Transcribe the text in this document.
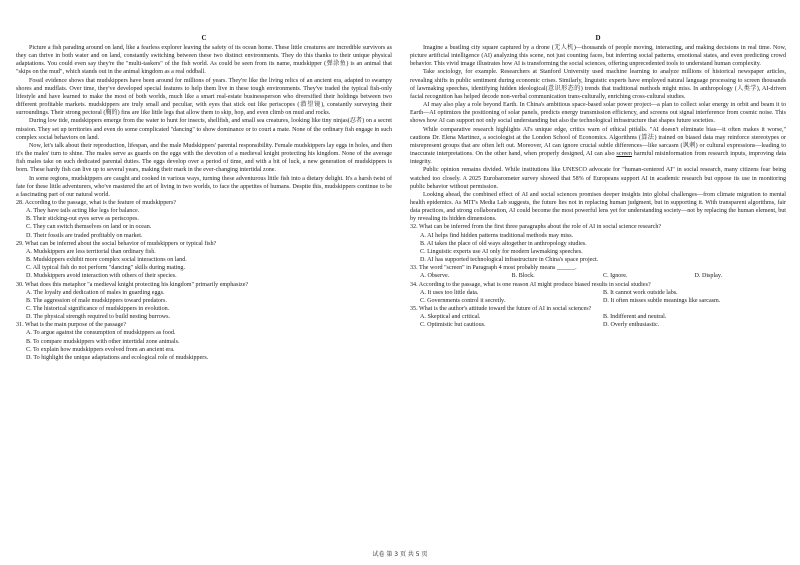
C

Picture a fish parading around on land, like a fearless explorer leaving the safety of its ocean home. These little creatures are incredible survivors as they can thrive in both water and on land, constantly switching between these two distinct environments. They do this thanks to their unique physical adaptations. You could even say they're the "multi-taskers" of the fish world. As could be seen from its name, mudskipper (弹涂鱼) is an animal that "skips on the mud", which stands out in the animal kingdom as a real oddball.

Fossil evidence shows that mudskippers have been around for millions of years. They're like the living relics of an ancient era, adapted to swampy shores and mudflats. Over time, they've developed special features to help them live in these tough environments. They've traded the typical fish-only lifestyle and have learned to make the most of both worlds, much like a smart real-estate businessperson who diversified their holdings between two different profitable markets. mudskippers are truly small and peculiar, with eyes that stick out like periscopes (潜望镜), constantly surveying their surroundings. Their strong pectoral (胸的) fins are like little legs that allow them to skip, hop, and even climb on mud and rocks.

During low tide, mudskippers emerge from the water to hunt for insects, shellfish, and small sea creatures, looking like tiny ninjas(忍者) on a secret mission. They set up territories and even do some complicated "dancing" to show dominance or to court a mate. None of the ordinary fish engage in such complex social behaviors on land.

Now, let's talk about their reproduction, lifespan, and the male Mudskippers' parental responsibility. Female mudskippers lay eggs in holes, and then it's the males' turn to shine. The males serve as guards on the eggs with the devotion of a medieval knight protecting his kingdom. None of the average fish males take on such dedicated parental duties. The eggs develop over a period of time, and with a bit of luck, a new generation of mudskippers is born. These hardy fish can live up to several years, making their mark in the ever-changing intertidal zone.

In some regions, mudskippers are caught and cooked in various ways, turning these adventurous little fish into a dietary delight. It's a harsh twist of fate for these little adventurers, who've mastered the art of living in two worlds, to face the appetites of humans. Despite this, mudskippers continue to be a fascinating part of our natural world.

28. According to the passage, what is the feature of mudskippers?

A. They have tails acting like legs for balance.

B. Their sticking-out eyes serve as periscopes.

C. They can switch themselves on land or in ocean.

D. Their fossils are traded profitably on market.

29. What can be inferred about the social behavior of mudskippers or typical fish?

A. Mudskippers are less territorial than ordinary fish.

B. Mudskippers exhibit more complex social interactions on land.

C. All typical fish do not perform "dancing" skills during mating.

D. Mudskippers avoid interaction with others of their species.

30. What does this metaphor "a medieval knight protecting his kingdom" primarily emphasize?

A. The loyalty and dedication of males in guarding eggs.

B. The aggression of male mudskippers toward predators.

C. The historical significance of mudskippers in evolution.

D. The physical strength required to build nesting burrows.

31. What is the main purpose of the passage?

A. To argue against the consumption of mudskippers as food.

B. To compare mudskippers with other intertidal zone animals.

C. To explain how mudskippers evolved from an ancient era.

D. To highlight the unique adaptations and ecological role of mudskippers.

D

Imagine a bustling city square captured by a drone (无人机)—thousands of people moving, interacting, and making decisions in real time. Now, picture artificial intelligence (AI) analyzing this scene, not just counting faces, but inferring social patterns, emotional states, and even predicting crowd behavior. This vivid image illustrates how AI is transforming the social sciences, offering unprecedented tools to understand human complexity.

Take sociology, for example. Researchers at Stanford University used machine learning to analyze millions of historical newspaper articles, revealing shifts in public sentiment during economic crises. Similarly, linguistic experts have employed natural language processing to screen thousands of lawmaking speeches, identifying hidden ideological(意识形态的) trends that traditional methods might miss. In anthropology (人类学), AI-driven facial recognition has helped decode non-verbal communication trans-culturally, enriching cross-cultural studies.

AI may also play a role beyond Earth. In China's ambitious space-based solar power project—a plan to collect solar energy in orbit and beam it to Earth—AI optimizes the positioning of solar panels, predicts energy transmission efficiency, and screens out signal interference from cosmic noise. This shows how AI can support not only social understanding but also the technological infrastructure that shapes future societies.

While comparative research highlights AI's unique edge, critics warn of ethical pitfalls. "AI doesn't eliminate bias—it often makes it worse," cautions Dr. Elena Martinez, a sociologist at the London School of Economics. Algorithms (算法) trained on biased data may reinforce stereotypes or misrepresent groups that are often left out. Moreover, AI can ignore crucial subtle differences—like sarcasm (讽刺) or cultural expressions—leading to inaccurate interpretations. On the other hand, when properly designed, AI can also screen harmful misinformation from research inputs, improving data integrity.

Public opinion remains divided. While institutions like UNESCO advocate for "human-centered AI" in social research, many citizens fear being watched too closely. A 2025 Eurobarometer survey showed that 58% of Europeans support AI in academic research but oppose its use in monitoring public behavior without permission.

Looking ahead, the combined effect of AI and social sciences promises deeper insights into global challenges—from climate migration to mental health epidemics. As MIT's Media Lab suggests, the future lies not in replacing human judgment, but in supporting it. With transparent algorithms, fair data practices, and strong collaboration, AI could become the most powerful lens yet for understanding society—not by replacing the human element, but by revealing its hidden dimensions.

32. What can be inferred from the first three paragraphs about the role of AI in social science research?

A. AI helps find hidden patterns traditional methods may miss.

B. AI takes the place of old ways altogether in anthropology studies.

C. Linguistic experts use AI only for modern lawmaking speeches.

D. AI has supported technological infrastructure in China's space project.

33. The word "screen" in Paragraph 4 most probably means ______.

A. Observe.	B. Block.	C. Ignore.	D. Display.

34. According to the passage, what is one reason AI might produce biased results in social studies?

A. It uses too little data.	B. It cannot work outside labs.
C. Governments control it secretly.	D. It often misses subtle meanings like sarcasm.

35. What is the author's attitude toward the future of AI in social sciences?

A. Skeptical and critical.	B. Indifferent and neutral.
C. Optimistic but cautious.	D. Overly enthusiastic.
试卷 第 3 页 共 5 页
